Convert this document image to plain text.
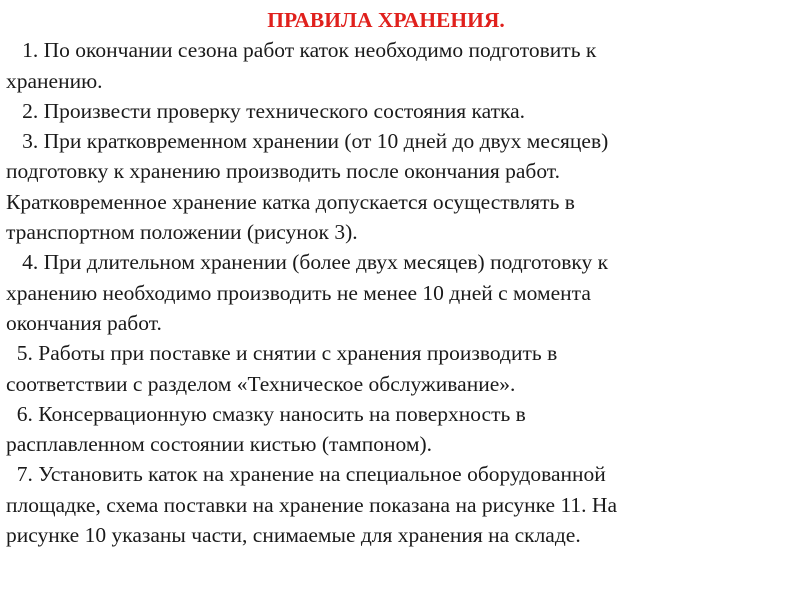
ПРАВИЛА ХРАНЕНИЯ.
1. По окончании сезона работ каток необходимо подготовить к
хранению.
2. Произвести проверку технического состояния катка.
3. При кратковременном хранении (от 10 дней до двух месяцев)
подготовку к хранению производить после окончания работ.
Кратковременное хранение катка допускается осуществлять в
транспортном положении (рисунок 3).
4. При длительном хранении (более двух месяцев) подготовку к
хранению необходимо производить не менее 10 дней с момента
окончания работ.
5. Работы при поставке и снятии с хранения производить в
соответствии с разделом «Техническое обслуживание».
6. Консервационную смазку наносить на поверхность в
расплавленном состоянии кистью (тампоном).
7. Установить каток на хранение на специальное оборудованной
площадке, схема поставки на хранение показана на рисунке 11. На
рисунке 10 указаны части, снимаемые для хранения на складе.
